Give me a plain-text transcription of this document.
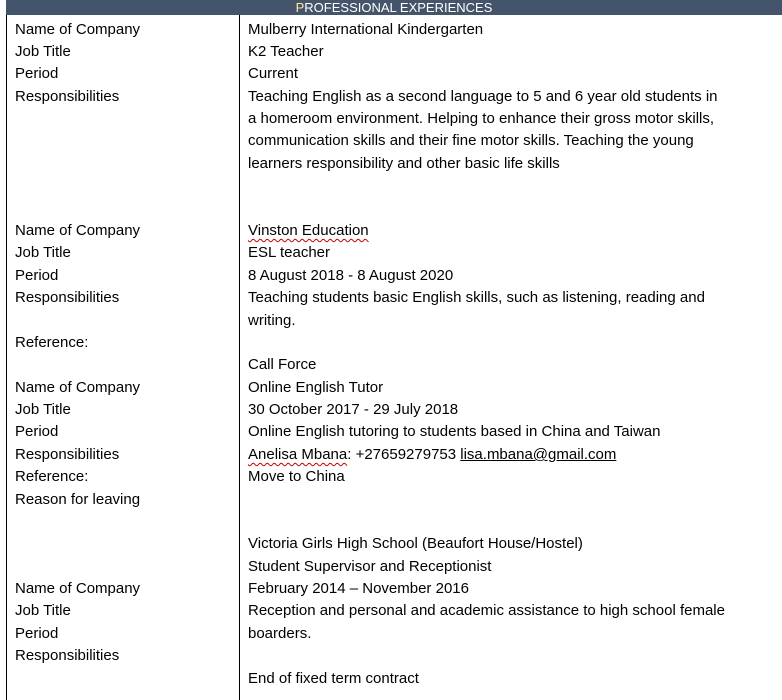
PROFESSIONAL EXPERIENCES
Name of Company
Job Title
Period
Responsibilities
Mulberry International Kindergarten
K2 Teacher
Current
Teaching English as a second language to 5 and 6 year old students in
a homeroom environment. Helping to enhance their gross motor skills,
communication skills and their fine motor skills. Teaching the young
learners responsibility and other basic life skills
Name of Company
Job Title
Period
Responsibilities
Reference:
Vinston Education
ESL teacher
8 August 2018 - 8 August 2020
Teaching students basic English skills, such as listening, reading and
writing.
Call Force
Name of Company
Job Title
Period
Responsibilities
Reference:
Reason for leaving
Online English Tutor
30 October 2017 - 29 July 2018
Online English tutoring to students based in China and Taiwan
Anelisa Mbana: +27659279753 lisa.mbana@gmail.com
Move to China
Victoria Girls High School (Beaufort House/Hostel)
Student Supervisor and Receptionist
February 2014 – November 2016
Reception and personal and academic assistance to high school female
boarders.
End of fixed term contract
Name of Company
Job Title
Period
Responsibilities
